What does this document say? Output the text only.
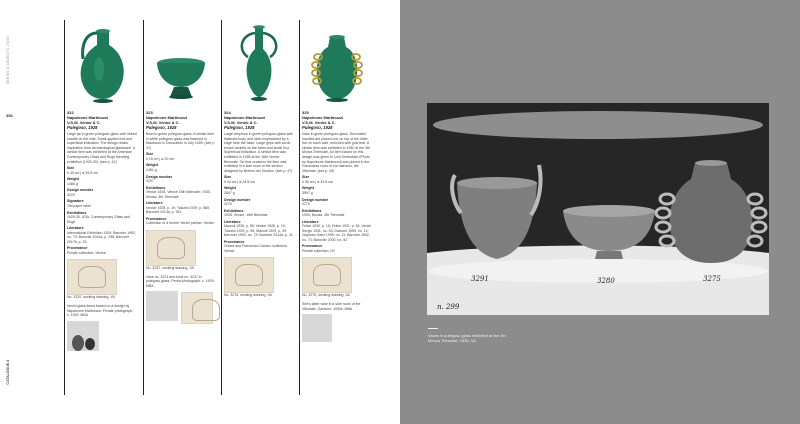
SERIES & OBJECTS 1920s
356
CATALOGUE 4
322
Napoleone Martinuzzi
V.S.M. Venini & C.
Pulegoso, 1928
Large jar in green pulegoso glass with ribbed handle on the side. Small applied foot and superficial iridization. The design draws inspiration from archaeological glassware. A similar item was exhibited at the American Contemporary Glass and Rugs traveling exhibition (1929-30). (see p. 43)
Size
h 40 cm | ø 29.5 cm
Weight
1488 g
Design number
3220
Signature
Old paper label
Exhibitions
1929-30, USA, Contemporary Glass and Rugs
Literature
International Exhibition 1929; Barovier 1992, no. 73; Barovier 2014a, p. 298; Barovier 2017b, p. 23
Provenance
Private collection, Venice
No. 3220, working drawing, VA

Venini glass items based on a design by Napoleone Martinuzzi. Private photograph, c. 1929, MBA
323
Napoleone Martinuzzi
V.S.M. Venini & C.
Pulegoso, 1928
Bowl in green pulegoso glass. A similar item in white pulegoso glass was featured in Madruzzo in Decoration in July 1928. (see p. 47)
Size
h 15 cm | ø 20 cm
Weight
1451 g
Design number
3237
Exhibitions
Venice 1928, Venice 15th Biennale; 1930, Monza, 4th Triennale
Literature
Venice 1928, p. 19; Tiazzini 1929, p. 580; Barovier 2014a, p. 251
Provenance
Collection of a former Venini partner, Venice
No. 3237, working drawing, VA

Vase no. 3274 and bowl no. 3237 in pulegoso glass. Period photograph, c. 1929, MBA
324
Napoleone Martinuzzi
V.S.M. Venini & C.
Pulegoso, 1928
Large amphora in green pulegoso glass with flattened body and neck emphasized by a ridge near the base. Large grips with scroll-ended wickets on the sides and small foot. Superficial iridization. A similar item was exhibited in 1928 at the 16th Venice Biennale. On that occasion the item was exhibited in a side room in the section designed by Brenno del Giudice. (see p. 47)
Size
h 44 cm | ø 24.5 cm
Weight
2847 g
Design number
3276
Exhibitions
1928, Venice, 16th Biennale
Literature
Marzoli 1928, p. 55; Venice 1928, p. 19; Tiazzini 1929, p. 65; Marzoli 1929, p. 39; Barovier 1992, no. 73; Barovier 2014a, p. 31
Provenance
Chiara and Francesco Carraro collection, Venice
No. 3276, working drawing, VA
325
Napoleone Martinuzzi
V.S.M. Venini & C.
Pulegoso, 1928
Vase in green pulegoso glass. Decorated handles are placed one on top of the other, five on each side, enriched with gold leaf. A similar item was exhibited in 1930 at the 4th Monza Triennale. An item based on this design was given to Lord Grimsditch (Photo by Napoleone Martinuzzi) and placed in the Gardonese room of his mansion, the Vittoriale. (see p. 49)
Size
h 30 cm | ø 33.5 cm
Weight
3997 g
Design number
3275
Exhibitions
1930, Monza, 4th Triennale
Literature
Felice 1930, p. 16; Felice 1931, p. 64; Venini Sergio 1931, no. 53; Dabovic 1955, no. 14; Clapham Sanz 1999, no. 11; Barovier 1992, no. 73; Barovier 2000, no. 52
Provenance
Private collection, NY
No. 3275, working drawing, VA

She's latter vase in a side room of the Vittoriale, Gardone, 1930s, MBA
3291	3280	3275
n. 299
Vases in pulegoso glass exhibited at the 4th Monza Triennale, 1930, VA
